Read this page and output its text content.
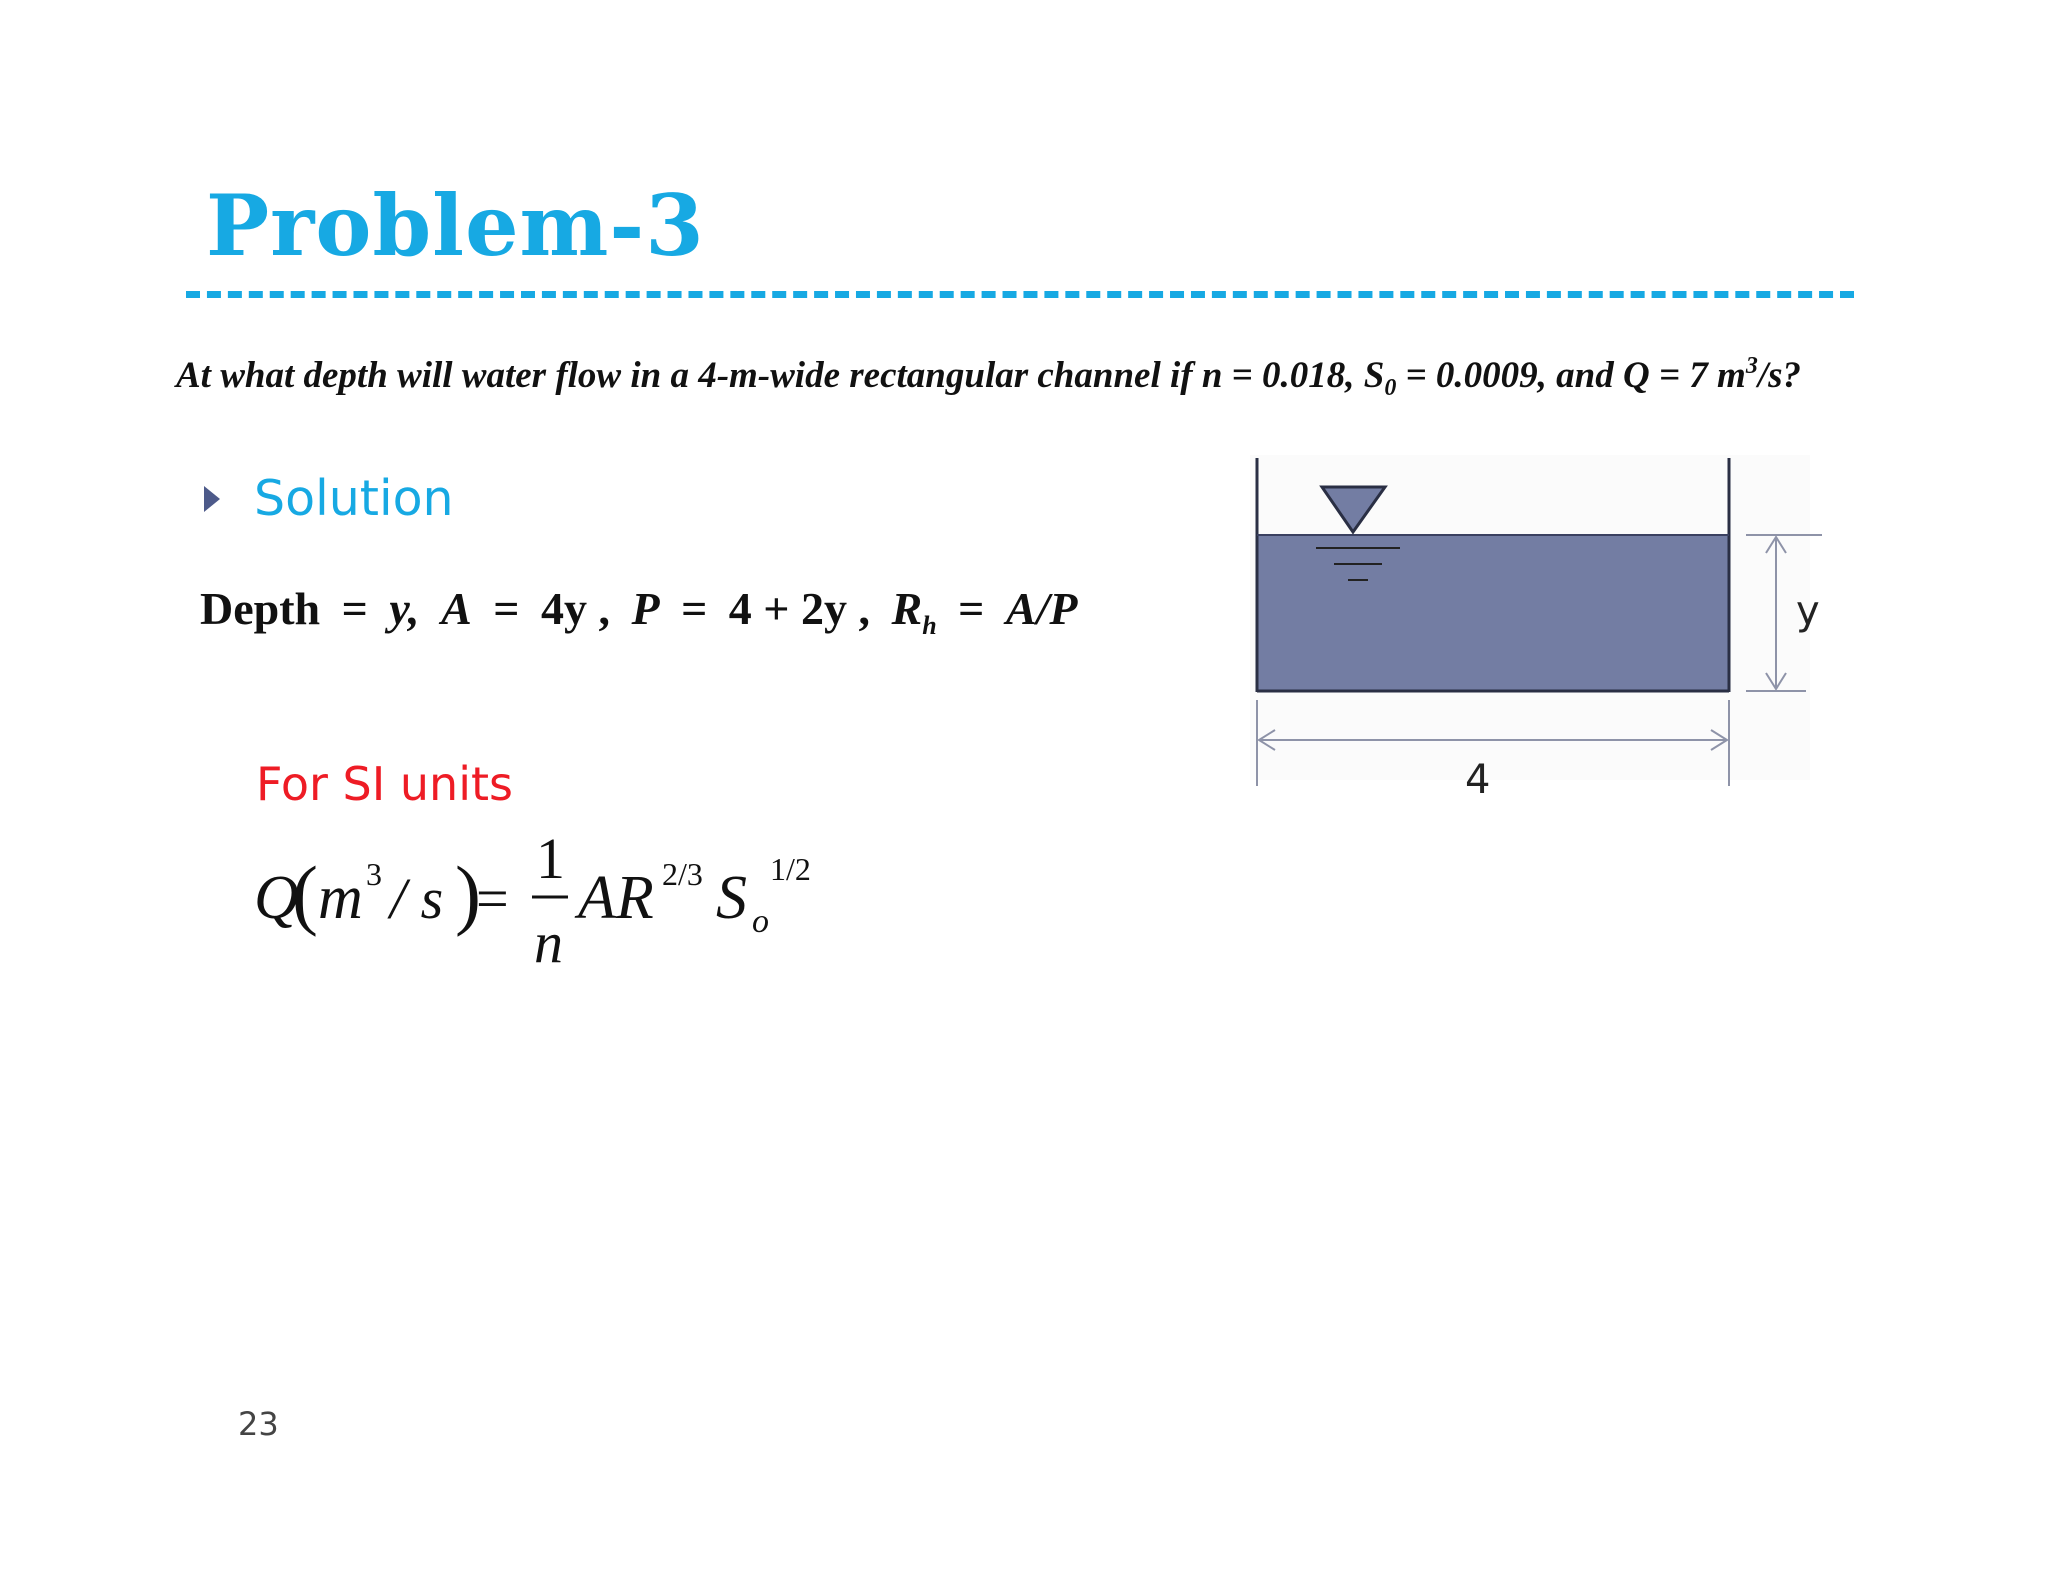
Problem-3
At what depth will water flow in a 4-m-wide rectangular channel if n = 0.018, $S_0 = 0.0009$, and Q = 7 $m^3/s$?
Solution
Depth = y, A = 4y , P = 4 + 2y , $R_h = A/P$
For SI units
Q
( m 3 / s )
=
1
n
AR 2/3 S o
1/2
y
4
23
